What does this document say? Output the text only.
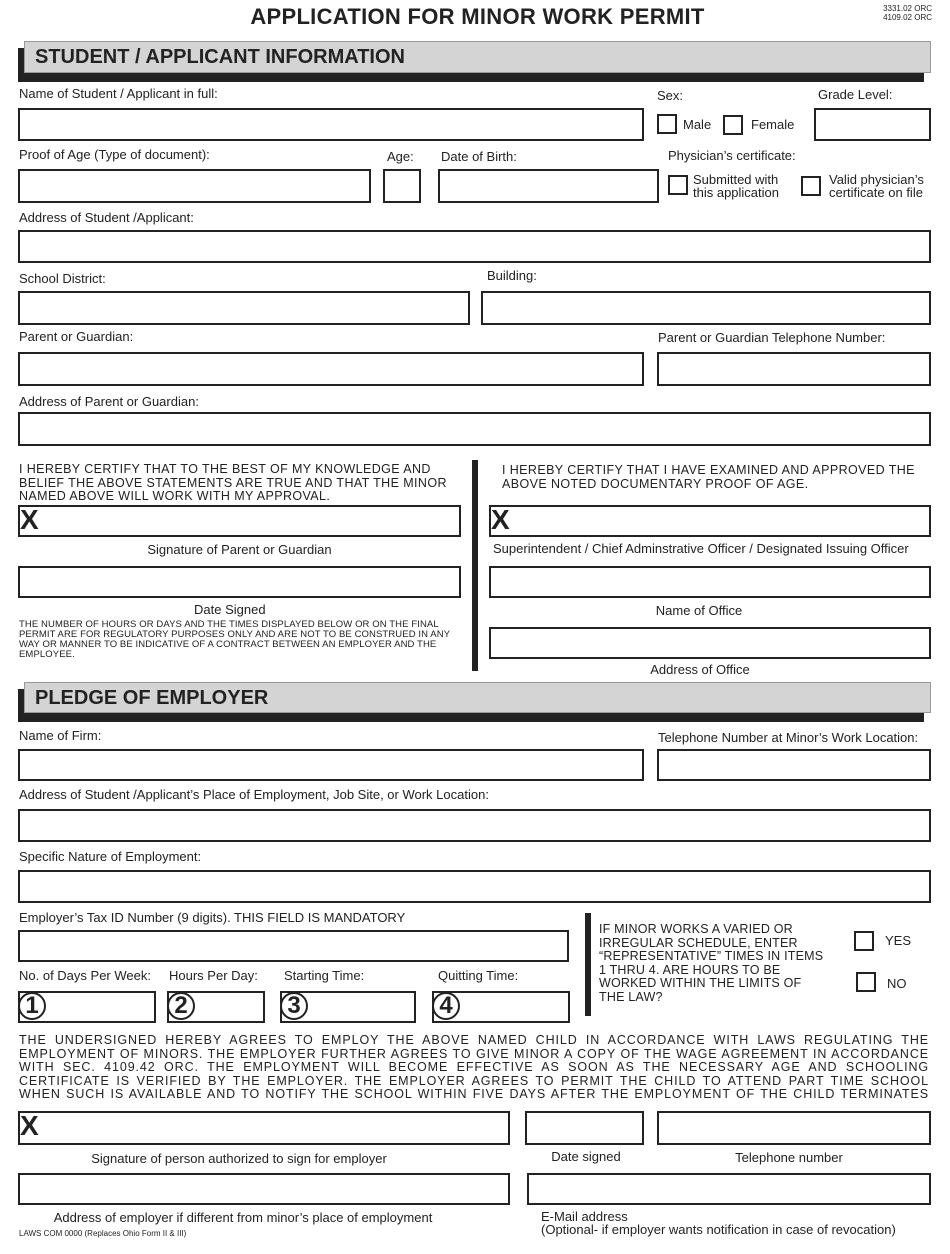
APPLICATION FOR MINOR WORK PERMIT	3331.02 ORC
4109.02 ORC
STUDENT / APPLICANT INFORMATION
Name of Student / Applicant in full:	Sex:
Male	Female
Grade Level:
Proof of Age (Type of document):	Age: Date of Birth:	Physician’s certificate:
Submitted with
this application
Valid physician’s
certificate on file
Address of Student /Applicant:
School District:	Building:
Parent or Guardian:	Parent or Guardian Telephone Number:
Address of Parent or Guardian:
I HEREBY CERTIFY THAT TO THE BEST OF MY KNOWLEDGE AND BELIEF THE ABOVE STATEMENTS ARE TRUE AND THAT THE MINOR NAMED ABOVE WILL WORK WITH MY APPROVAL.
I HEREBY CERTIFY THAT I HAVE EXAMINED AND APPROVED THE ABOVE NOTED DOCUMENTARY PROOF OF AGE.
X	X
Signature of Parent or Guardian	Superintendent / Chief Adminstrative Officer / Designated Issuing Officer
Date Signed	Name of Office
THE NUMBER OF HOURS OR DAYS AND THE TIMES DISPLAYED BELOW OR ON THE FINAL PERMIT ARE FOR REGULATORY PURPOSES ONLY AND ARE NOT TO BE CONSTRUED IN ANY WAY OR MANNER TO BE INDICATIVE OF A CONTRACT BETWEEN AN EMPLOYER AND THE EMPLOYEE.
Address of Office
PLEDGE OF EMPLOYER
Name of Firm:	Telephone Number at Minor’s Work Location:
Address of Student /Applicant’s Place of Employment, Job Site, or Work Location:
Specific Nature of Employment:
Employer’s Tax ID Number (9 digits). THIS FIELD IS MANDATORY
No. of Days Per Week: Hours Per Day: Starting Time:	Quitting Time:
1	2	3	4
IF MINOR WORKS A VARIED OR IRREGULAR SCHEDULE, ENTER “REPRESENTATIVE” TIMES IN ITEMS 1 THRU 4. ARE HOURS TO BE WORKED WITHIN THE LIMITS OF THE LAW?
YES
NO
THE UNDERSIGNED HEREBY AGREES TO EMPLOY THE ABOVE NAMED CHILD IN ACCORDANCE WITH LAWS REGULATING THE EMPLOYMENT OF MINORS. THE EMPLOYER FURTHER AGREES TO GIVE MINOR A COPY OF THE WAGE AGREEMENT IN ACCORDANCE WITH SEC. 4109.42 ORC. THE EMPLOYMENT WILL BECOME EFFECTIVE AS SOON AS THE NECESSARY AGE AND SCHOOLING CERTIFICATE IS VERIFIED BY THE EMPLOYER. THE EMPLOYER AGREES TO PERMIT THE CHILD TO ATTEND PART TIME SCHOOL WHEN SUCH IS AVAILABLE AND TO NOTIFY THE SCHOOL WITHIN FIVE DAYS AFTER THE EMPLOYMENT OF THE CHILD TERMINATES
X
Signature of person authorized to sign for employer	Date signed	Telephone number
Address of employer if different from minor’s place of employment	E-Mail address
(Optional- if employer wants notification in case of revocation)
LAWS COM 0000 (Replaces Ohio Form II & III)
